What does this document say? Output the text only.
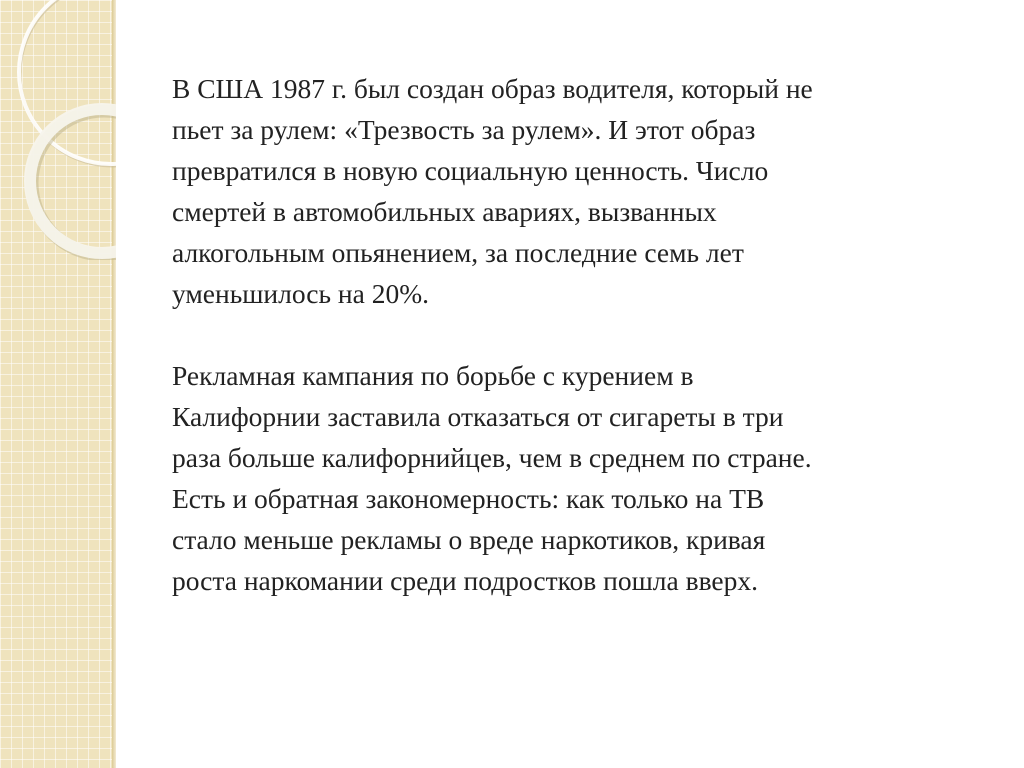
В США 1987 г. был создан образ водителя, который не
пьет за рулем: «Трезвость за рулем». И этот образ
превратился в новую социальную ценность. Число
смертей в автомобильных авариях, вызванных
алкогольным опьянением, за последние семь лет
уменьшилось на 20%.

Рекламная кампания по борьбе с курением в
Калифорнии заставила отказаться от сигареты в три
раза больше калифорнийцев, чем в среднем по стране.
Есть и обратная закономерность: как только на ТВ
стало меньше рекламы о вреде наркотиков, кривая
роста наркомании среди подростков пошла вверх.
